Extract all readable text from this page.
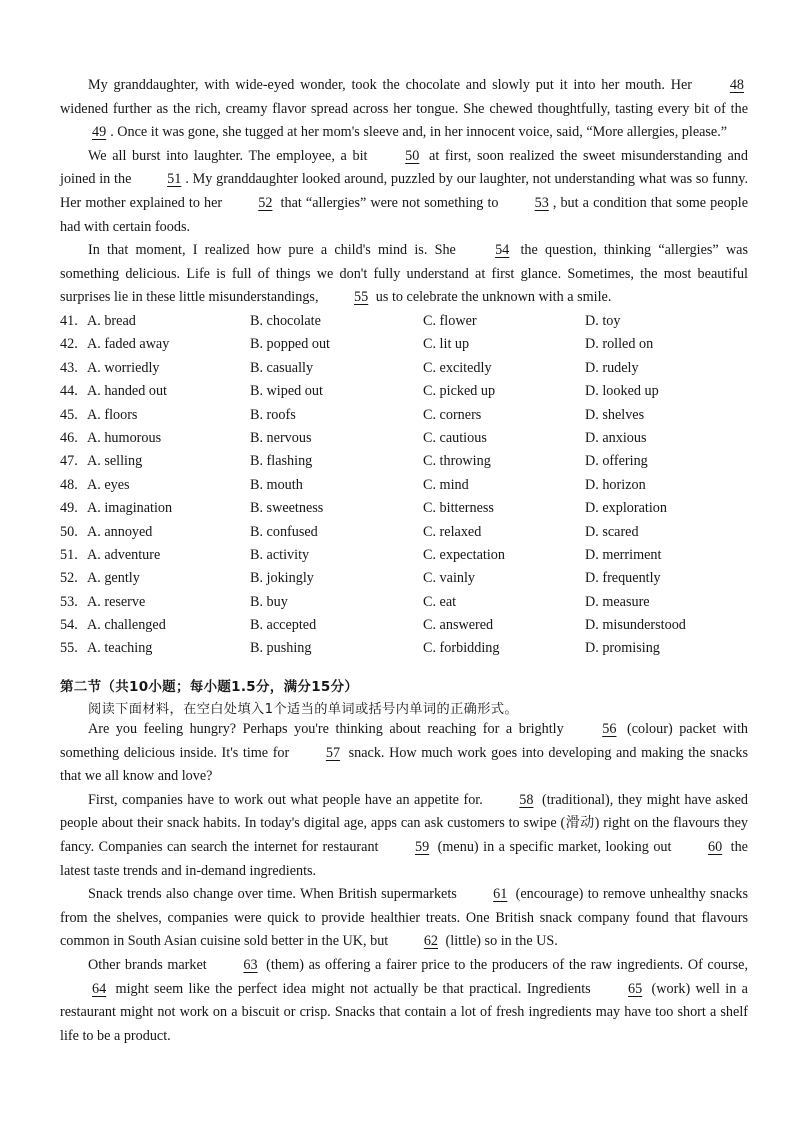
My granddaughter, with wide-eyed wonder, took the chocolate and slowly put it into her mouth. Her 48 widened further as the rich, creamy flavor spread across her tongue. She chewed thoughtfully, tasting every bit of the 49 . Once it was gone, she tugged at her mom's sleeve and, in her innocent voice, said, “More allergies, please.”

We all burst into laughter. The employee, a bit 50 at first, soon realized the sweet misunderstanding and joined in the 51 . My granddaughter looked around, puzzled by our laughter, not understanding what was so funny. Her mother explained to her 52 that “allergies” were not something to 53 , but a condition that some people had with certain foods.

In that moment, I realized how pure a child's mind is. She 54 the question, thinking “allergies” was something delicious. Life is full of things we don't fully understand at first glance. Sometimes, the most beautiful surprises lie in these little misunderstandings, 55 us to celebrate the unknown with a smile.

41. A. bread	B. chocolate	C. flower	D. toy
42. A. faded away	B. popped out	C. lit up	D. rolled on
43. A. worriedly	B. casually	C. excitedly	D. rudely
44. A. handed out	B. wiped out	C. picked up	D. looked up
45. A. floors	B. roofs	C. corners	D. shelves
46. A. humorous	B. nervous	C. cautious	D. anxious
47. A. selling	B. flashing	C. throwing	D. offering
48. A. eyes	B. mouth	C. mind	D. horizon
49. A. imagination	B. sweetness	C. bitterness	D. exploration
50. A. annoyed	B. confused	C. relaxed	D. scared
51. A. adventure	B. activity	C. expectation	D. merriment
52. A. gently	B. jokingly	C. vainly	D. frequently
53. A. reserve	B. buy	C. eat	D. measure
54. A. challenged	B. accepted	C. answered	D. misunderstood
55. A. teaching	B. pushing	C. forbidding	D. promising
第二节（共10小题；每小题1.5分，满分15分）
阅读下面材料，在空白处填入1个适当的单词或括号内单词的正确形式。

Are you feeling hungry? Perhaps you're thinking about reaching for a brightly 56 (colour) packet with something delicious inside. It's time for 57 snack. How much work goes into developing and making the snacks that we all know and love?

First, companies have to work out what people have an appetite for. 58 (traditional), they might have asked people about their snack habits. In today's digital age, apps can ask customers to swipe (滑动) right on the flavours they fancy. Companies can search the internet for restaurant 59 (menu) in a specific market, looking out 60 the latest taste trends and in-demand ingredients.

Snack trends also change over time. When British supermarkets 61 (encourage) to remove unhealthy snacks from the shelves, companies were quick to provide healthier treats. One British snack company found that flavours common in South Asian cuisine sold better in the UK, but 62 (little) so in the US.

Other brands market 63 (them) as offering a fairer price to the producers of the raw ingredients. Of course, 64 might seem like the perfect idea might not actually be that practical. Ingredients 65 (work) well in a restaurant might not work on a biscuit or crisp. Snacks that contain a lot of fresh ingredients may have too short a shelf life to be a product.
